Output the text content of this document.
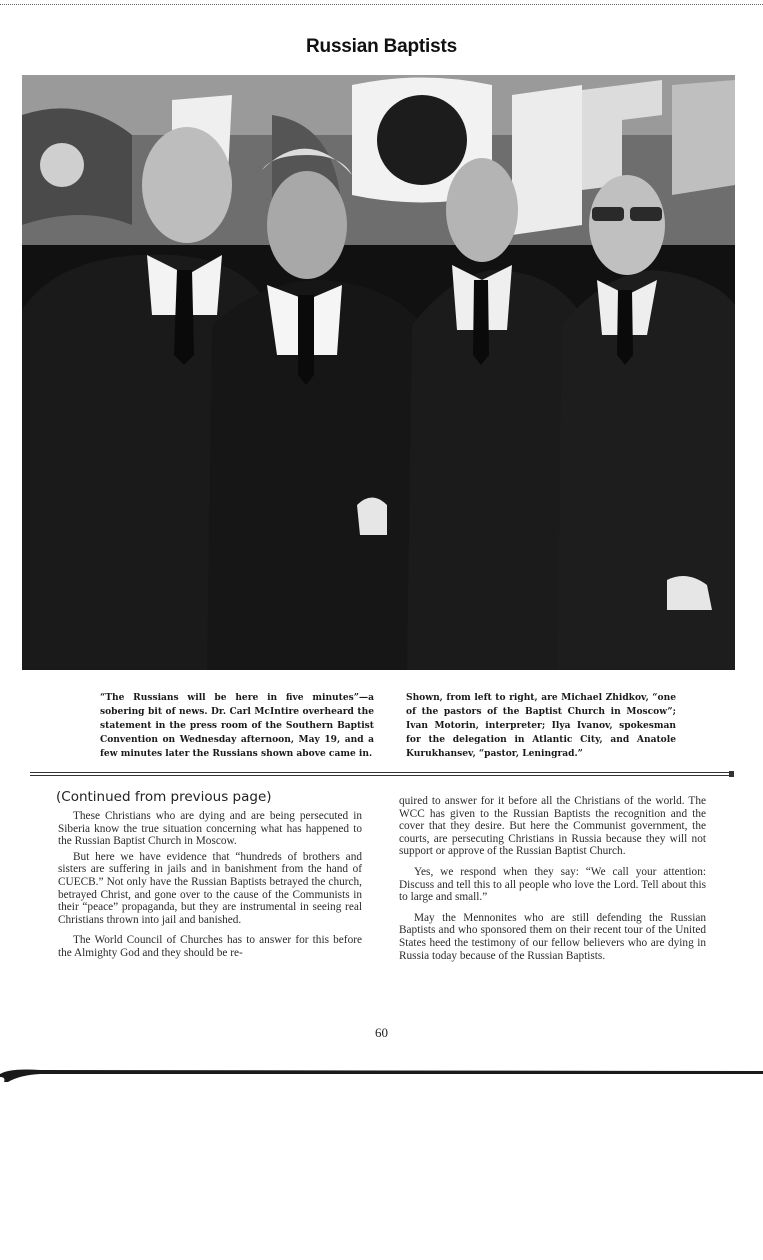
Russian Baptists

“The Russians will be here in five minutes”—a sobering bit of news. Dr. Carl McIntire overheard the statement in the press room of the Southern Baptist Convention on Wednesday afternoon, May 19, and a few minutes later the Russians shown above came in.

Shown, from left to right, are Michael Zhidkov, “one of the pastors of the Baptist Church in Moscow”; Ivan Motorin, interpreter; Ilya Ivanov, spokesman for the delegation in Atlantic City, and Anatole Kurukhansev, “pastor, Leningrad.”

(Continued from previous page)

These Christians who are dying and are being persecuted in Siberia know the true situation concerning what has happened to the Russian Baptist Church in Moscow.

But here we have evidence that “hundreds of brothers and sisters are suffering in jails and in banishment from the hand of CUECB.” Not only have the Russian Baptists betrayed the church, betrayed Christ, and gone over to the cause of the Communists in their “peace” propaganda, but they are instrumental in seeing real Christians thrown into jail and banished.

The World Council of Churches has to answer for this before the Almighty God and they should be re-

quired to answer for it before all the Christians of the world. The WCC has given to the Russian Baptists the recognition and the cover that they desire. But here the Communist government, the courts, are persecuting Christians in Russia because they will not support or approve of the Russian Baptist Church.

Yes, we respond when they say: “We call your attention: Discuss and tell this to all people who love the Lord. Tell about this to large and small.”

May the Mennonites who are still defending the Russian Baptists and who sponsored them on their recent tour of the United States heed the testimony of our fellow believers who are dying in Russia today because of the Russian Baptists.

60
